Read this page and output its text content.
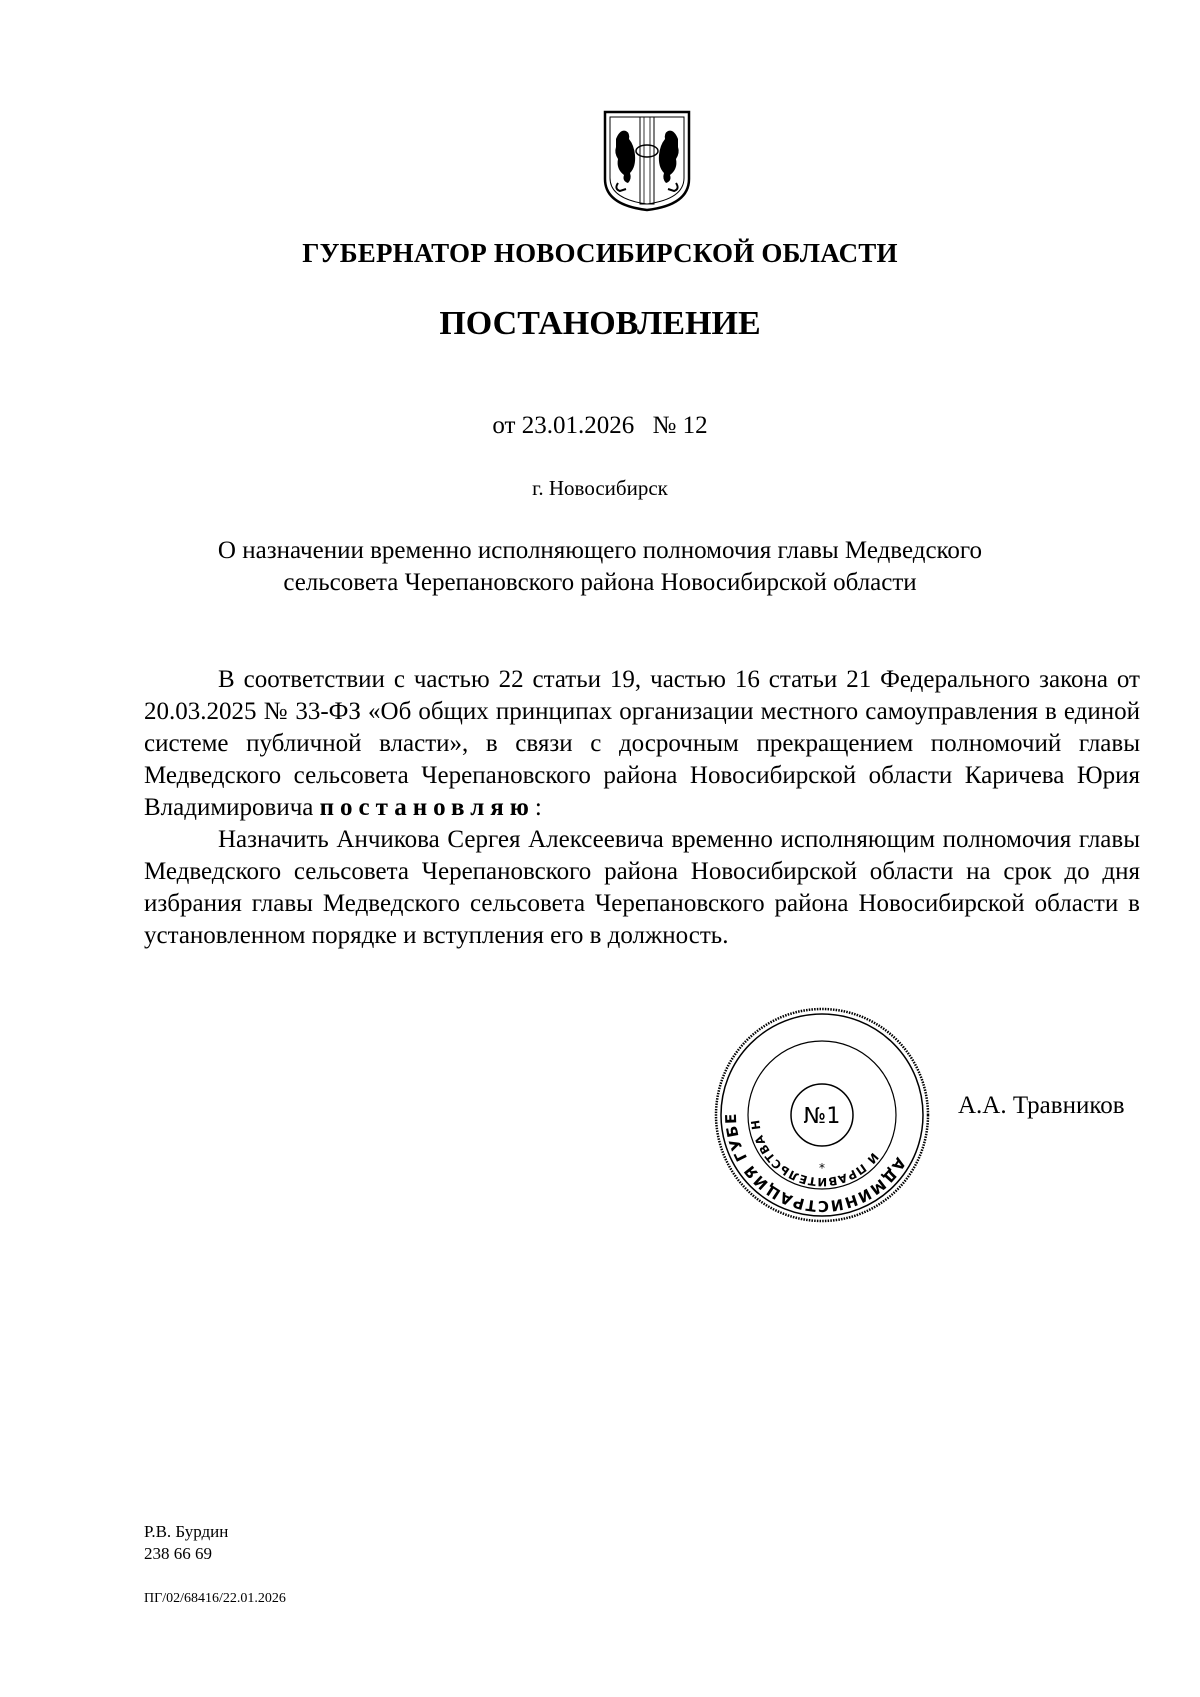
ГУБЕРНАТОР НОВОСИБИРСКОЙ ОБЛАСТИ
ПОСТАНОВЛЕНИЕ
от 23.01.2026 № 12
г. Новосибирск
О назначении временно исполняющего полномочия главы Медведского
сельсовета Черепановского района Новосибирской области

В соответствии с частью 22 статьи 19, частью 16 статьи 21 Федерального закона от 20.03.2025 № 33-ФЗ «Об общих принципах организации местного самоуправления в единой системе публичной власти», в связи с досрочным прекращением полномочий главы Медведского сельсовета Черепановского района Новосибирской области Каричева Юрия Владимировича постановляю:

Назначить Анчикова Сергея Алексеевича временно исполняющим полномочия главы Медведского сельсовета Черепановского района Новосибирской области на срок до дня избрания главы Медведского сельсовета Черепановского района Новосибирской области в установленном порядке и вступления его в должность.

АДМИНИСТРАЦИЯ ГУБЕ
И ПРАВИТЕЛЬСТВА Н	№1
*
А.А. Травников
Р.В. Бурдин
238 66 69
ПГ/02/68416/22.01.2026
